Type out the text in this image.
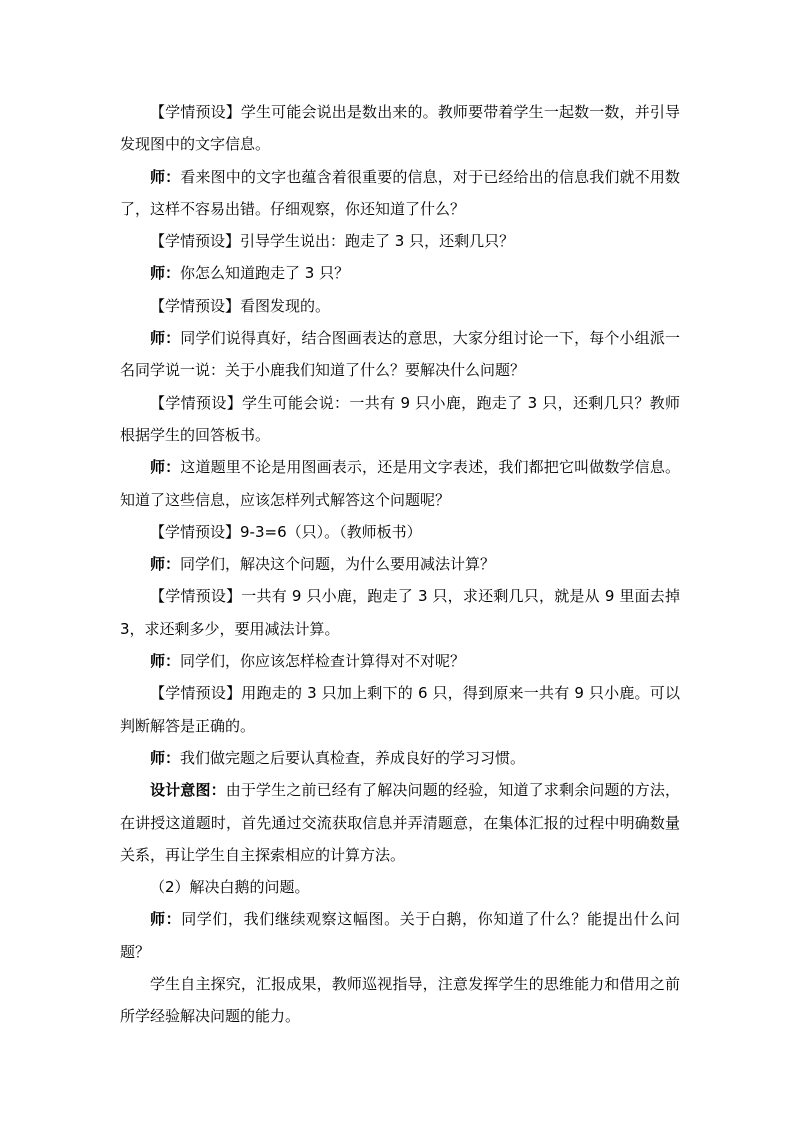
【学情预设】学生可能会说出是数出来的。教师要带着学生一起数一数，并引导发现图中的文字信息。

师：看来图中的文字也蕴含着很重要的信息，对于已经给出的信息我们就不用数了，这样不容易出错。仔细观察，你还知道了什么？

【学情预设】引导学生说出：跑走了 3 只，还剩几只？

师：你怎么知道跑走了 3 只？

【学情预设】看图发现的。

师：同学们说得真好，结合图画表达的意思，大家分组讨论一下，每个小组派一名同学说一说：关于小鹿我们知道了什么？要解决什么问题？

【学情预设】学生可能会说：一共有 9 只小鹿，跑走了 3 只，还剩几只？教师根据学生的回答板书。

师：这道题里不论是用图画表示，还是用文字表述，我们都把它叫做数学信息。知道了这些信息，应该怎样列式解答这个问题呢？

【学情预设】9-3=6（只）。（教师板书）

师：同学们，解决这个问题，为什么要用减法计算？

【学情预设】一共有 9 只小鹿，跑走了 3 只，求还剩几只，就是从 9 里面去掉 3，求还剩多少，要用减法计算。

师：同学们，你应该怎样检查计算得对不对呢？

【学情预设】用跑走的 3 只加上剩下的 6 只，得到原来一共有 9 只小鹿。可以判断解答是正确的。

师：我们做完题之后要认真检查，养成良好的学习习惯。

设计意图：由于学生之前已经有了解决问题的经验，知道了求剩余问题的方法，在讲授这道题时，首先通过交流获取信息并弄清题意，在集体汇报的过程中明确数量关系，再让学生自主探索相应的计算方法。

（2）解决白鹅的问题。

师：同学们，我们继续观察这幅图。关于白鹅，你知道了什么？能提出什么问题？

学生自主探究，汇报成果，教师巡视指导，注意发挥学生的思维能力和借用之前所学经验解决问题的能力。
